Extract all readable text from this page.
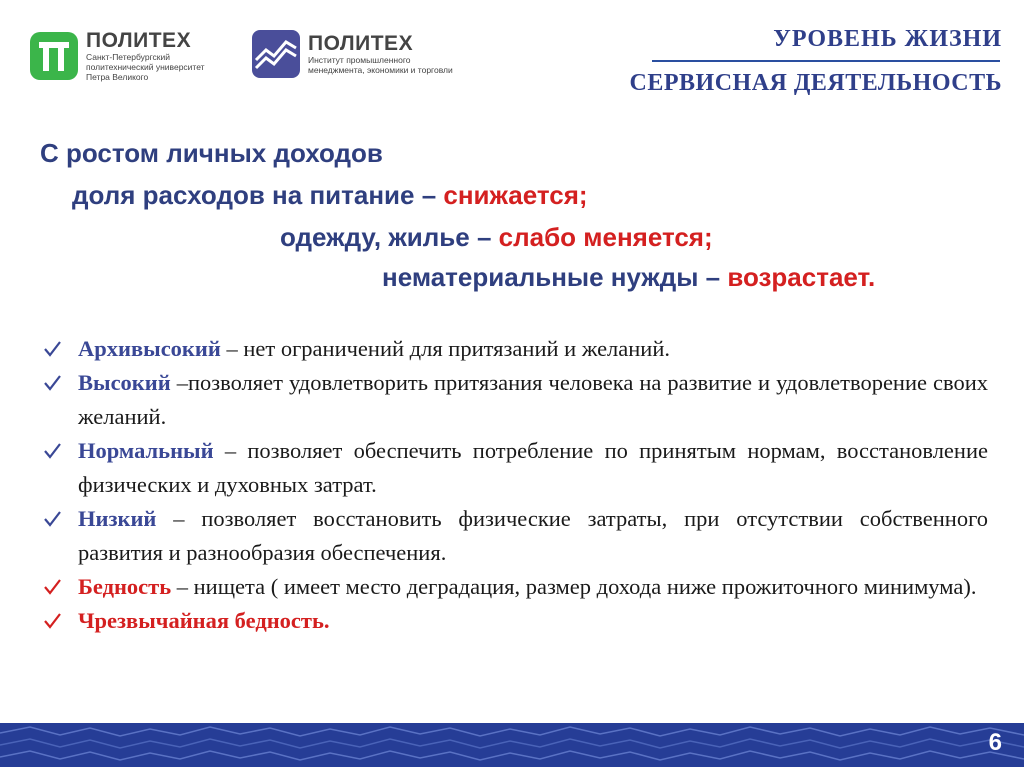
ПОЛИТЕХ
Санкт-Петербургский
политехнический университет
Петра Великого
ПОЛИТЕХ
Институт промышленного
менеджмента, экономики и торговли
УРОВЕНЬ ЖИЗНИ
СЕРВИСНАЯ ДЕЯТЕЛЬНОСТЬ
С ростом личных доходов
доля расходов на питание – снижается;
одежду, жилье – слабо меняется;
нематериальные нужды – возрастает.
Архивысокий – нет ограничений для притязаний и желаний.
Высокий –позволяет удовлетворить притязания человека на развитие и удовлетворение своих желаний.
Нормальный – позволяет обеспечить потребление по принятым нормам, восстановление физических и духовных затрат.
Низкий – позволяет восстановить физические затраты, при отсутствии собственного развития и разнообразия обеспечения.
Бедность – нищета ( имеет место деградация, размер дохода ниже прожиточного минимума).
Чрезвычайная бедность.
6
